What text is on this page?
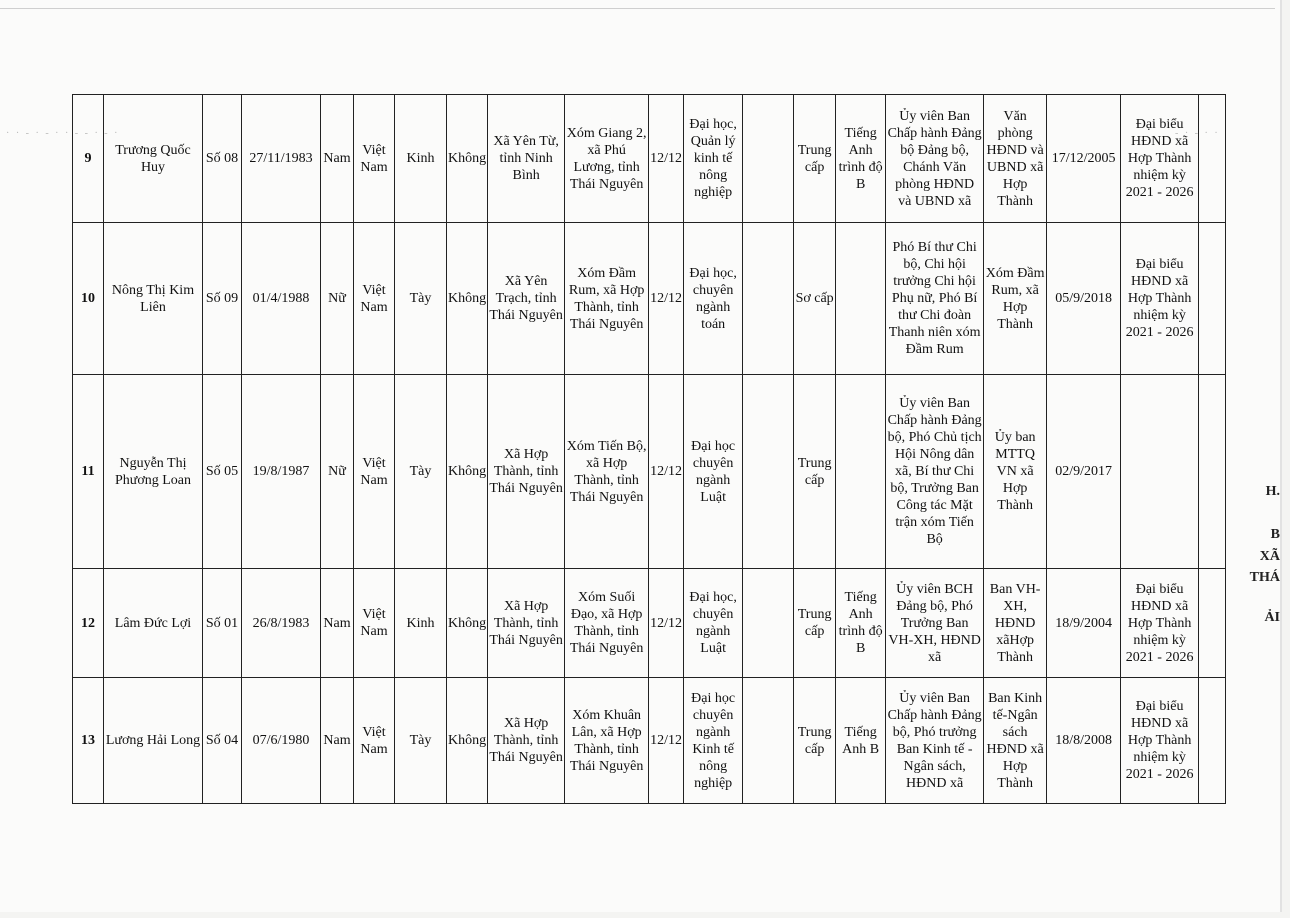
· · ‐ · ‐ · · ‐ ‐ · ‐ ·	‐ · ‐ · ·
9	Trương Quốc Huy	Số 08	27/11/1983	Nam	Việt Nam	Kinh	Không	Xã Yên Từ, tỉnh Ninh Bình	Xóm Giang 2, xã Phú Lương, tỉnh Thái Nguyên	12/12	Đại học, Quản lý kinh tế nông nghiệp		Trung cấp	Tiếng Anh trình độ B	Ủy viên Ban Chấp hành Đảng bộ Đảng bộ, Chánh Văn phòng HĐND và UBND xã	Văn phòng HĐND và UBND xã Hợp Thành	17/12/2005	Đại biểu HĐND xã Hợp Thành nhiệm kỳ 2021 - 2026	
10	Nông Thị Kim Liên	Số 09	01/4/1988	Nữ	Việt Nam	Tày	Không	Xã Yên Trạch, tỉnh Thái Nguyên	Xóm Đầm Rum, xã Hợp Thành, tỉnh Thái Nguyên	12/12	Đại học, chuyên ngành toán		Sơ cấp		Phó Bí thư Chi bộ, Chi hội trưởng Chi hội Phụ nữ, Phó Bí thư Chi đoàn Thanh niên xóm Đầm Rum	Xóm Đầm Rum, xã Hợp Thành	05/9/2018	Đại biểu HĐND xã Hợp Thành nhiệm kỳ 2021 - 2026	
11	Nguyễn Thị Phương Loan	Số 05	19/8/1987	Nữ	Việt Nam	Tày	Không	Xã Hợp Thành, tỉnh Thái Nguyên	Xóm Tiến Bộ, xã Hợp Thành, tỉnh Thái Nguyên	12/12	Đại học chuyên ngành Luật		Trung cấp		Ủy viên Ban Chấp hành Đảng bộ, Phó Chủ tịch Hội Nông dân xã, Bí thư Chi bộ, Trưởng Ban Công tác Mặt trận xóm Tiến Bộ	Ủy ban MTTQ VN xã Hợp Thành	02/9/2017		
12	Lâm Đức Lợi	Số 01	26/8/1983	Nam	Việt Nam	Kinh	Không	Xã Hợp Thành, tỉnh Thái Nguyên	Xóm Suối Đạo, xã Hợp Thành, tỉnh Thái Nguyên	12/12	Đại học, chuyên ngành Luật		Trung cấp	Tiếng Anh trình độ B	Ủy viên BCH Đảng bộ, Phó Trưởng Ban VH-XH, HĐND xã	Ban VH-XH, HĐND xãHợp Thành	18/9/2004	Đại biểu HĐND xã Hợp Thành nhiệm kỳ 2021 - 2026	
13	Lương Hải Long	Số 04	07/6/1980	Nam	Việt Nam	Tày	Không	Xã Hợp Thành, tỉnh Thái Nguyên	Xóm Khuân Lân, xã Hợp Thành, tỉnh Thái Nguyên	12/12	Đại học chuyên ngành Kinh tế nông nghiệp		Trung cấp	Tiếng Anh B	Ủy viên Ban Chấp hành Đảng bộ, Phó trưởng Ban Kinh tế - Ngân sách, HĐND xã	Ban Kinh tế-Ngân sách HĐND xã Hợp Thành	18/8/2008	Đại biểu HĐND xã Hợp Thành nhiệm kỳ 2021 - 2026	
H.
B
XÃ
THÁ
ẢI
